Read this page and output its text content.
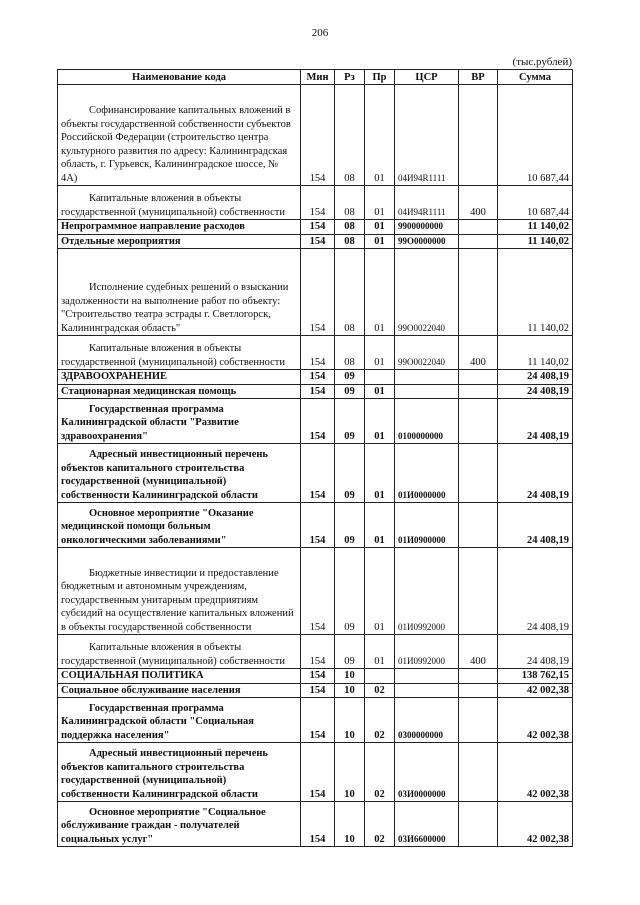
206
(тыс.рублей)
Наименование кода	Мин	Рз	Пр	ЦСР	ВР	Сумма
Софинансирование капитальных вложений в объекты государственной собственности субъектов Российской Федерации (строительство центра культурного развития по адресу: Калининградская область, г. Гурьевск, Калининградское шоссе, № 4А)	154	08	01	04И94R1111		10 687,44
Капитальные вложения в объекты государственной (муниципальной) собственности	154	08	01	04И94R1111	400	10 687,44
Непрограммное направление расходов	154	08	01	9900000000		11 140,02
Отдельные мероприятия	154	08	01	99О0000000		11 140,02
Исполнение судебных решений о взыскании задолженности на выполнение работ по объекту: "Строительство театра эстрады г. Светлогорск, Калининградская область"	154	08	01	99О0022040		11 140,02
Капитальные вложения в объекты государственной (муниципальной) собственности	154	08	01	99О0022040	400	11 140,02
ЗДРАВООХРАНЕНИЕ	154	09				24 408,19
Стационарная медицинская помощь	154	09	01			24 408,19
Государственная программа Калининградской области "Развитие здравоохранения"	154	09	01	0100000000		24 408,19
Адресный инвестиционный перечень объектов капитального строительства государственной (муниципальной) собственности Калининградской области	154	09	01	01И0000000		24 408,19
Основное мероприятие "Оказание медицинской помощи больным онкологическими заболеваниями"	154	09	01	01И0900000		24 408,19
Бюджетные инвестиции и предоставление бюджетным и автономным учреждениям, государственным унитарным предприятиям субсидий на осуществление капитальных вложений в объекты государственной собственности	154	09	01	01И0992000		24 408,19
Капитальные вложения в объекты государственной (муниципальной) собственности	154	09	01	01И0992000	400	24 408,19
СОЦИАЛЬНАЯ ПОЛИТИКА	154	10				138 762,15
Социальное обслуживание населения	154	10	02			42 002,38
Государственная программа Калининградской области "Социальная поддержка населения"	154	10	02	0300000000		42 002,38
Адресный инвестиционный перечень объектов капитального строительства государственной (муниципальной) собственности Калининградской области	154	10	02	03И0000000		42 002,38
Основное мероприятие "Социальное обслуживание граждан - получателей социальных услуг"	154	10	02	03И6600000		42 002,38
